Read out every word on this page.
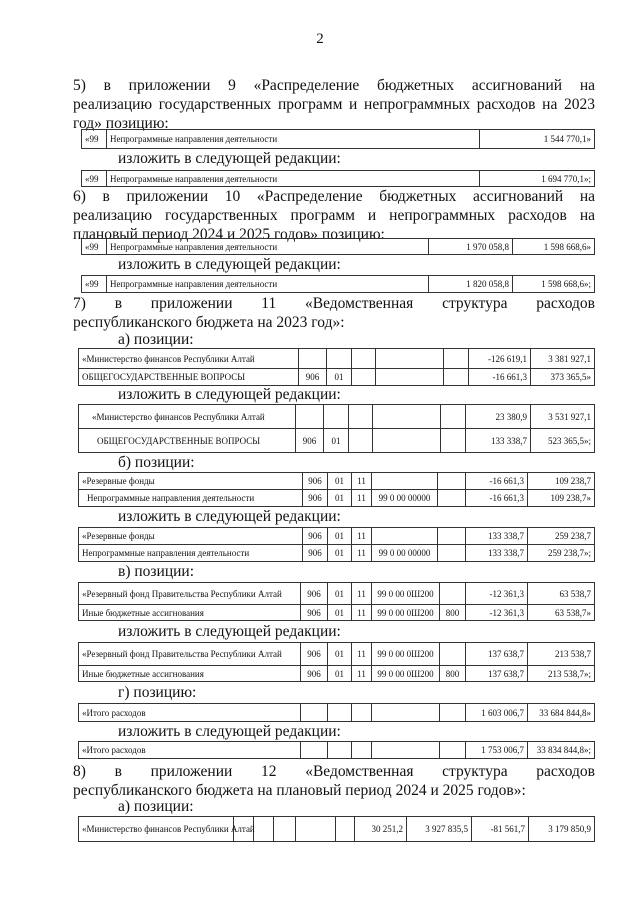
2
5) в приложении 9 «Распределение бюджетных ассигнований на
реализацию государственных программ и непрограммных расходов на 2023
год» позицию:
«99	Непрограммные направления деятельности	1 544 770,1»
изложить в следующей редакции:
«99	Непрограммные направления деятельности	1 694 770,1»;
6) в приложении 10 «Распределение бюджетных ассигнований на
реализацию государственных программ и непрограммных расходов на
плановый период 2024 и 2025 годов» позицию:
«99	Непрограммные направления деятельности	1 970 058,8	1 598 668,6»
изложить в следующей редакции:
«99	Непрограммные направления деятельности	1 820 058,8	1 598 668,6»;
7) в приложении 11 «Ведомственная структура расходов
республиканского бюджета на 2023 год»:
а) позиции:
«Министерство финансов Республики Алтай						-126 619,1	3 381 927,1
ОБЩЕГОСУДАРСТВЕННЫЕ ВОПРОСЫ	906	01				-16 661,3	373 365,5»
изложить в следующей редакции:
«Министерство финансов Республики Алтай						23 380,9	3 531 927,1
ОБЩЕГОСУДАРСТВЕННЫЕ ВОПРОСЫ	906	01				133 338,7	523 365,5»;
б) позиции:
«Резервные фонды	906	01	11			-16 661,3	109 238,7
Непрограммные направления деятельности	906	01	11	99 0 00 00000		-16 661,3	109 238,7»
изложить в следующей редакции:
«Резервные фонды	906	01	11			133 338,7	259 238,7
Непрограммные направления деятельности	906	01	11	99 0 00 00000		133 338,7	259 238,7»;
в) позиции:
«Резервный фонд Правительства Республики Алтай	906	01	11	99 0 00 0Ш200		-12 361,3	63 538,7
Иные бюджетные ассигнования	906	01	11	99 0 00 0Ш200	800	-12 361,3	63 538,7»
изложить в следующей редакции:
«Резервный фонд Правительства Республики Алтай	906	01	11	99 0 00 0Ш200		137 638,7	213 538,7
Иные бюджетные ассигнования	906	01	11	99 0 00 0Ш200	800	137 638,7	213 538,7»;
г) позицию:
«Итого расходов						1 603 006,7	33 684 844,8»
изложить в следующей редакции:
«Итого расходов						1 753 006,7	33 834 844,8»;
8) в приложении 12 «Ведомственная структура расходов
республиканского бюджета на плановый период 2024 и 2025 годов»:
а) позиции:
«Министерство финансов Республики Алтай						30 251,2	3 927 835,5	-81 561,7	3 179 850,9
